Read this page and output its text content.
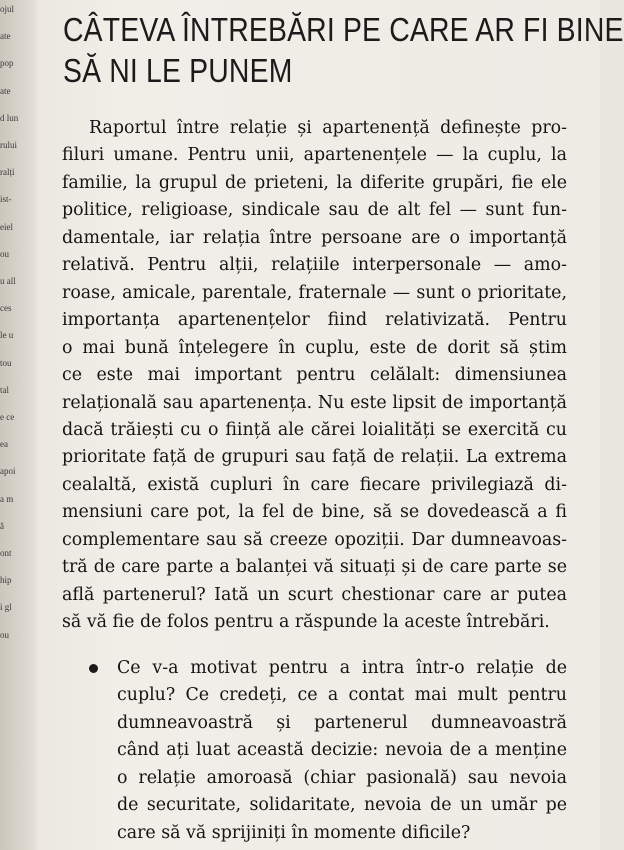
ojul
ate
pop
ate
d lun
rului
ralți
ist-
eiel
ou
u all
ces
le u
tou
tal
e ce
ea
apoi
a m
ă
ont
hip
i gl
ou
CÂTEVA ÎNTREBĂRI PE CARE AR FI BINE
SĂ NI LE PUNEM
Raportul între relație și apartenență definește pro-
filuri umane. Pentru unii, apartenențele — la cuplu, la
familie, la grupul de prieteni, la diferite grupări, fie ele
politice, religioase, sindicale sau de alt fel — sunt fun-
damentale, iar relația între persoane are o importanță
relativă. Pentru alții, relațiile interpersonale — amo-
roase, amicale, parentale, fraternale — sunt o prioritate,
importanța apartenențelor fiind relativizată. Pentru
o mai bună înțelegere în cuplu, este de dorit să știm
ce este mai important pentru celălalt: dimensiunea
relațională sau apartenența. Nu este lipsit de importanță
dacă trăiești cu o ființă ale cărei loialități se exercită cu
prioritate față de grupuri sau față de relații. La extrema
cealaltă, există cupluri în care fiecare privilegiază di-
mensiuni care pot, la fel de bine, să se dovedească a fi
complementare sau să creeze opoziții. Dar dumneavoas-
tră de care parte a balanței vă situați și de care parte se
află partenerul? Iată un scurt chestionar care ar putea
să vă fie de folos pentru a răspunde la aceste întrebări.
Ce v-a motivat pentru a intra într-o relație de
cuplu? Ce credeți, ce a contat mai mult pentru
dumneavoastră și partenerul dumneavoastră
când ați luat această decizie: nevoia de a menține
o relație amoroasă (chiar pasională) sau nevoia
de securitate, solidaritate, nevoia de un umăr pe
care să vă sprijiniți în momente dificile?
